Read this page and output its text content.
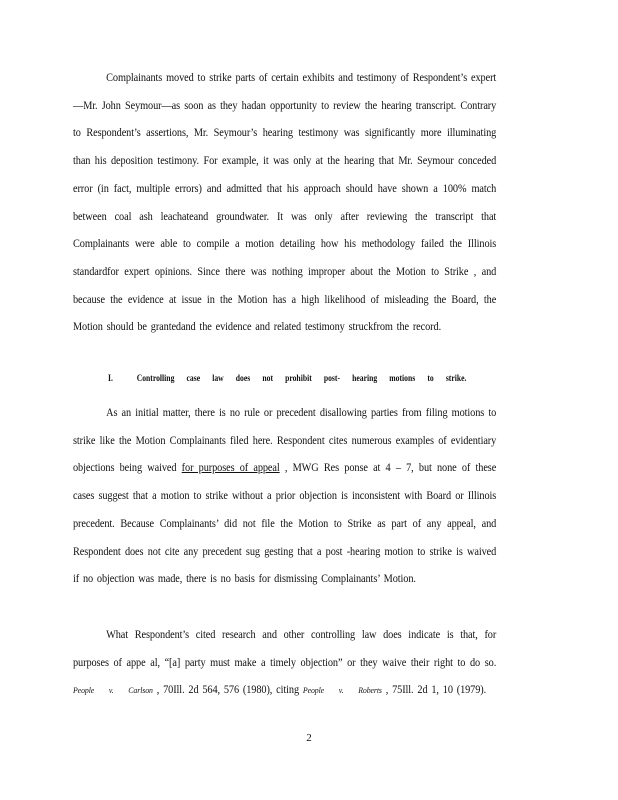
Complainants moved to strike parts of certain exhibits and testimony of Respondent’s expert —Mr. John Seymour—as soon as they hadan opportunity to review the hearing transcript. Contrary to Respondent’s assertions, Mr. Seymour’s hearing testimony was significantly more illuminating than his deposition testimony. For example, it was only at the hearing that Mr. Seymour conceded error (in fact, multiple errors) and admitted that his approach should have shown a 100% match between coal ash leachateand groundwater. It was only after reviewing the transcript that Complainants were able to compile a motion detailing how his methodology failed the Illinois standardfor expert opinions. Since there was nothing improper about the Motion to Strike , and because the evidence at issue in the Motion has a high likelihood of misleading the Board, the Motion should be grantedand the evidence and related testimony struckfrom the record.

I.	Controlling case law does not prohibit post- hearing motions to strike.

As an initial matter, there is no rule or precedent disallowing parties from filing motions to strike like the Motion Complainants filed here. Respondent cites numerous examples of evidentiary objections being waived for purposes of appeal , MWG Res ponse at 4 – 7, but none of these cases suggest that a motion to strike without a prior objection is inconsistent with Board or Illinois precedent. Because Complainants’ did not file the Motion to Strike as part of any appeal, and Respondent does not cite any precedent sug gesting that a post -hearing motion to strike is waived if no objection was made, there is no basis for dismissing Complainants’ Motion.

What Respondent’s cited research and other controlling law does indicate is that, for purposes of appe al, “[a] party must make a timely objection” or they waive their right to do so. People v. Carlson , 70Ill. 2d 564, 576 (1980), citing People v. Roberts , 75Ill. 2d 1, 10 (1979).

2
